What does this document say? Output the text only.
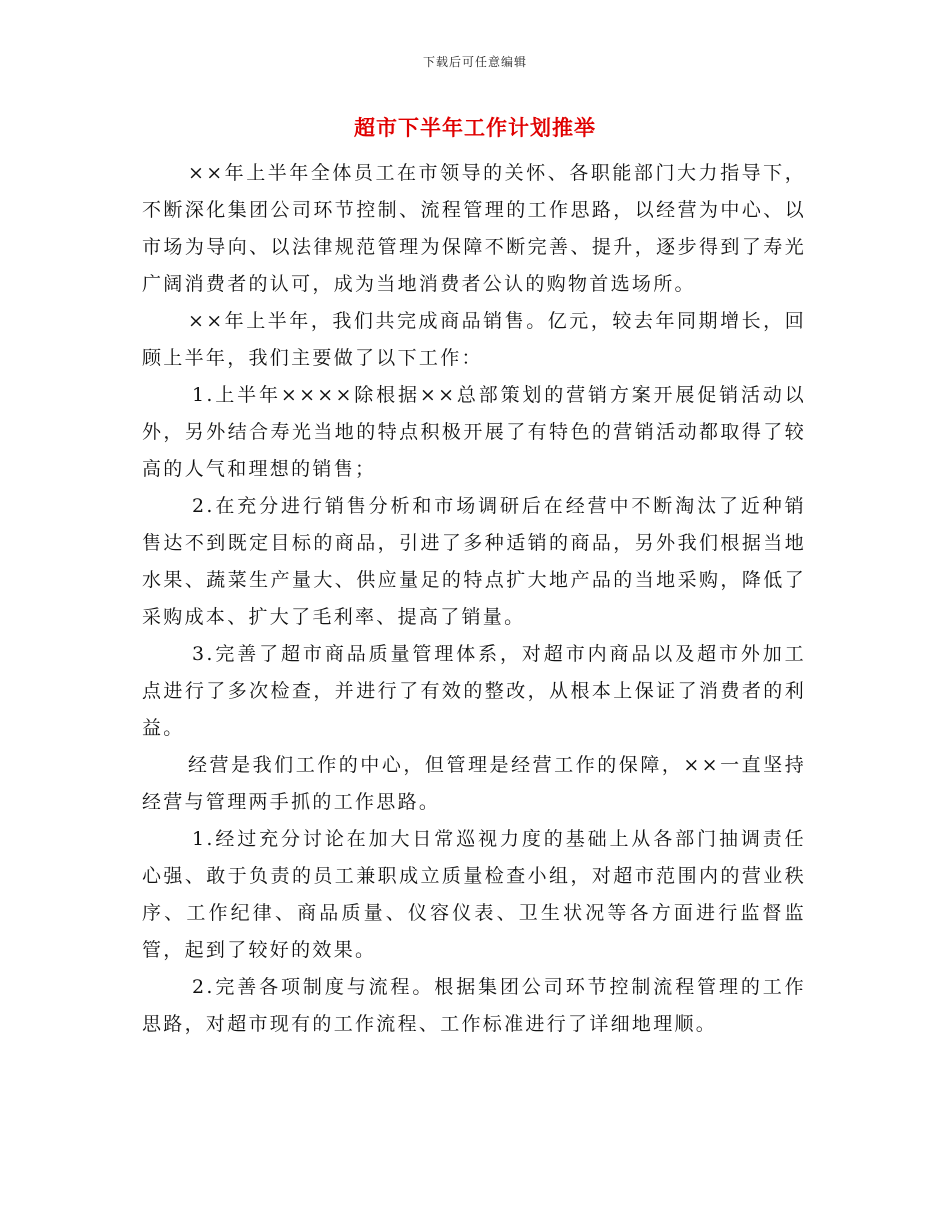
下载后可任意编辑
超市下半年工作计划推举

××年上半年全体员工在市领导的关怀、各职能部门大力指导下，不断深化集团公司环节控制、流程管理的工作思路，以经营为中心、以市场为导向、以法律规范管理为保障不断完善、提升，逐步得到了寿光广阔消费者的认可，成为当地消费者公认的购物首选场所。

××年上半年，我们共完成商品销售。亿元，较去年同期增长，回顾上半年，我们主要做了以下工作：

1.上半年××××除根据××总部策划的营销方案开展促销活动以外，另外结合寿光当地的特点积极开展了有特色的营销活动都取得了较高的人气和理想的销售；

2.在充分进行销售分析和市场调研后在经营中不断淘汰了近种销售达不到既定目标的商品，引进了多种适销的商品，另外我们根据当地水果、蔬菜生产量大、供应量足的特点扩大地产品的当地采购，降低了采购成本、扩大了毛利率、提高了销量。

3.完善了超市商品质量管理体系，对超市内商品以及超市外加工点进行了多次检查，并进行了有效的整改，从根本上保证了消费者的利益。

经营是我们工作的中心，但管理是经营工作的保障，××一直坚持经营与管理两手抓的工作思路。

1.经过充分讨论在加大日常巡视力度的基础上从各部门抽调责任心强、敢于负责的员工兼职成立质量检查小组，对超市范围内的营业秩序、工作纪律、商品质量、仪容仪表、卫生状况等各方面进行监督监管，起到了较好的效果。

2.完善各项制度与流程。根据集团公司环节控制流程管理的工作思路，对超市现有的工作流程、工作标准进行了详细地理顺。
